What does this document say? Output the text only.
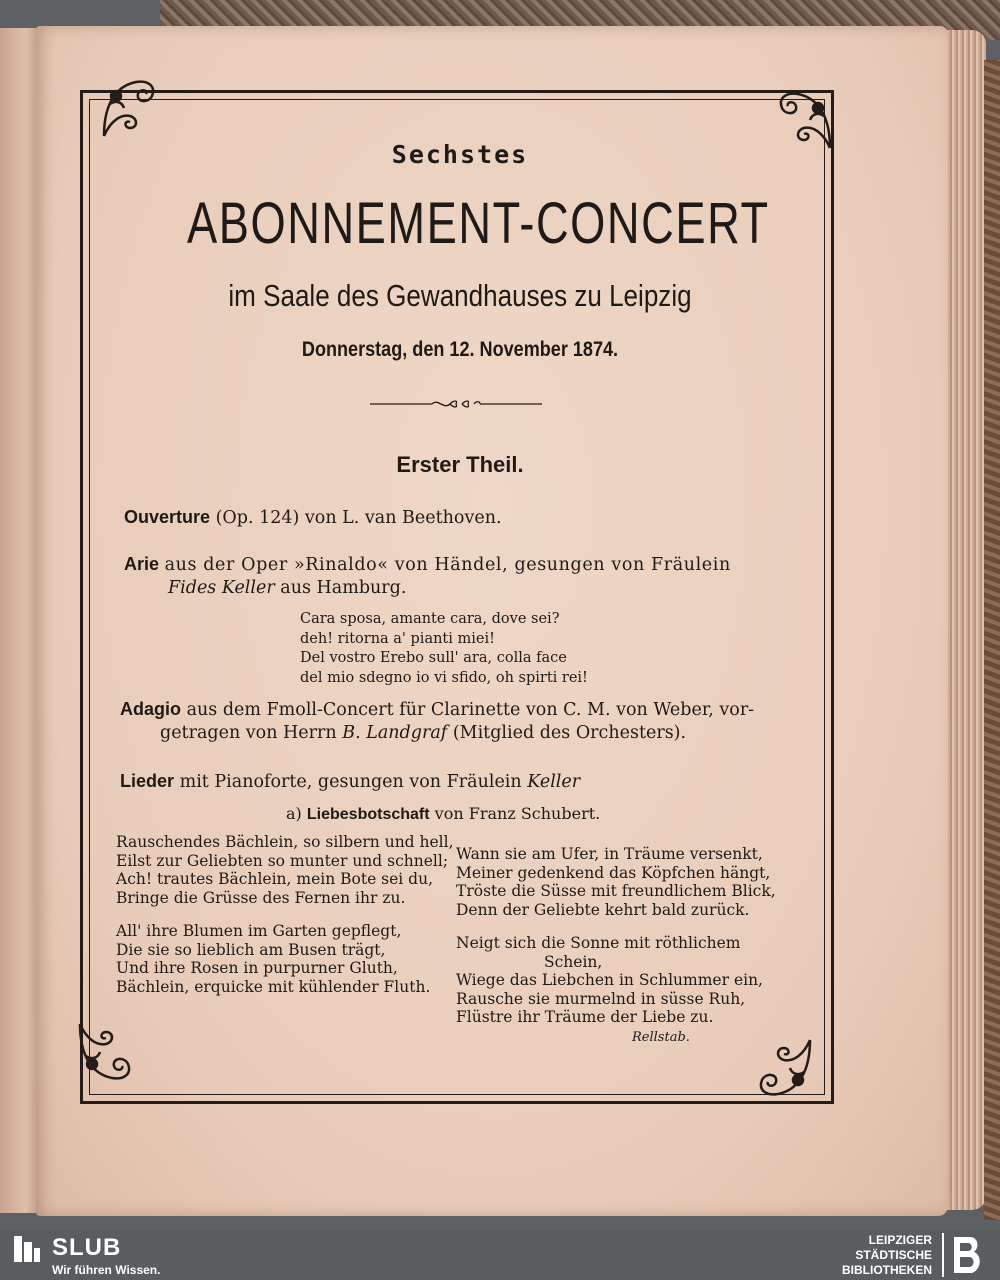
Sechstes
ABONNEMENT-CONCERT
im Saale des Gewandhauses zu Leipzig
Donnerstag, den 12. November 1874.
Erster Theil.
Ouverture (Op. 124) von L. van Beethoven.
Arie aus der Oper »Rinaldo« von Händel, gesungen von Fräulein
Fides Keller aus Hamburg.
Cara sposa, amante cara, dove sei?
deh! ritorna a' pianti miei!
Del vostro Erebo sull' ara, colla face
del mio sdegno io vi sfido, oh spirti rei!
Adagio aus dem Fmoll-Concert für Clarinette von C. M. von Weber, vor-
getragen von Herrn B. Landgraf (Mitglied des Orchesters).
Lieder mit Pianoforte, gesungen von Fräulein Keller
a) Liebesbotschaft von Franz Schubert.
Rauschendes Bächlein, so silbern und hell,
Eilst zur Geliebten so munter und schnell;
Ach! trautes Bächlein, mein Bote sei du,
Bringe die Grüsse des Fernen ihr zu.
All' ihre Blumen im Garten gepflegt,
Die sie so lieblich am Busen trägt,
Und ihre Rosen in purpurner Gluth,
Bächlein, erquicke mit kühlender Fluth.
Wann sie am Ufer, in Träume versenkt,
Meiner gedenkend das Köpfchen hängt,
Tröste die Süsse mit freundlichem Blick,
Denn der Geliebte kehrt bald zurück.
Neigt sich die Sonne mit röthlichem
Schein,
Wiege das Liebchen in Schlummer ein,
Rausche sie murmelnd in süsse Ruh,
Flüstre ihr Träume der Liebe zu.
Rellstab.
SLUB
Wir führen Wissen.
LEIPZIGER
STÄDTISCHE
BIBLIOTHEKEN
